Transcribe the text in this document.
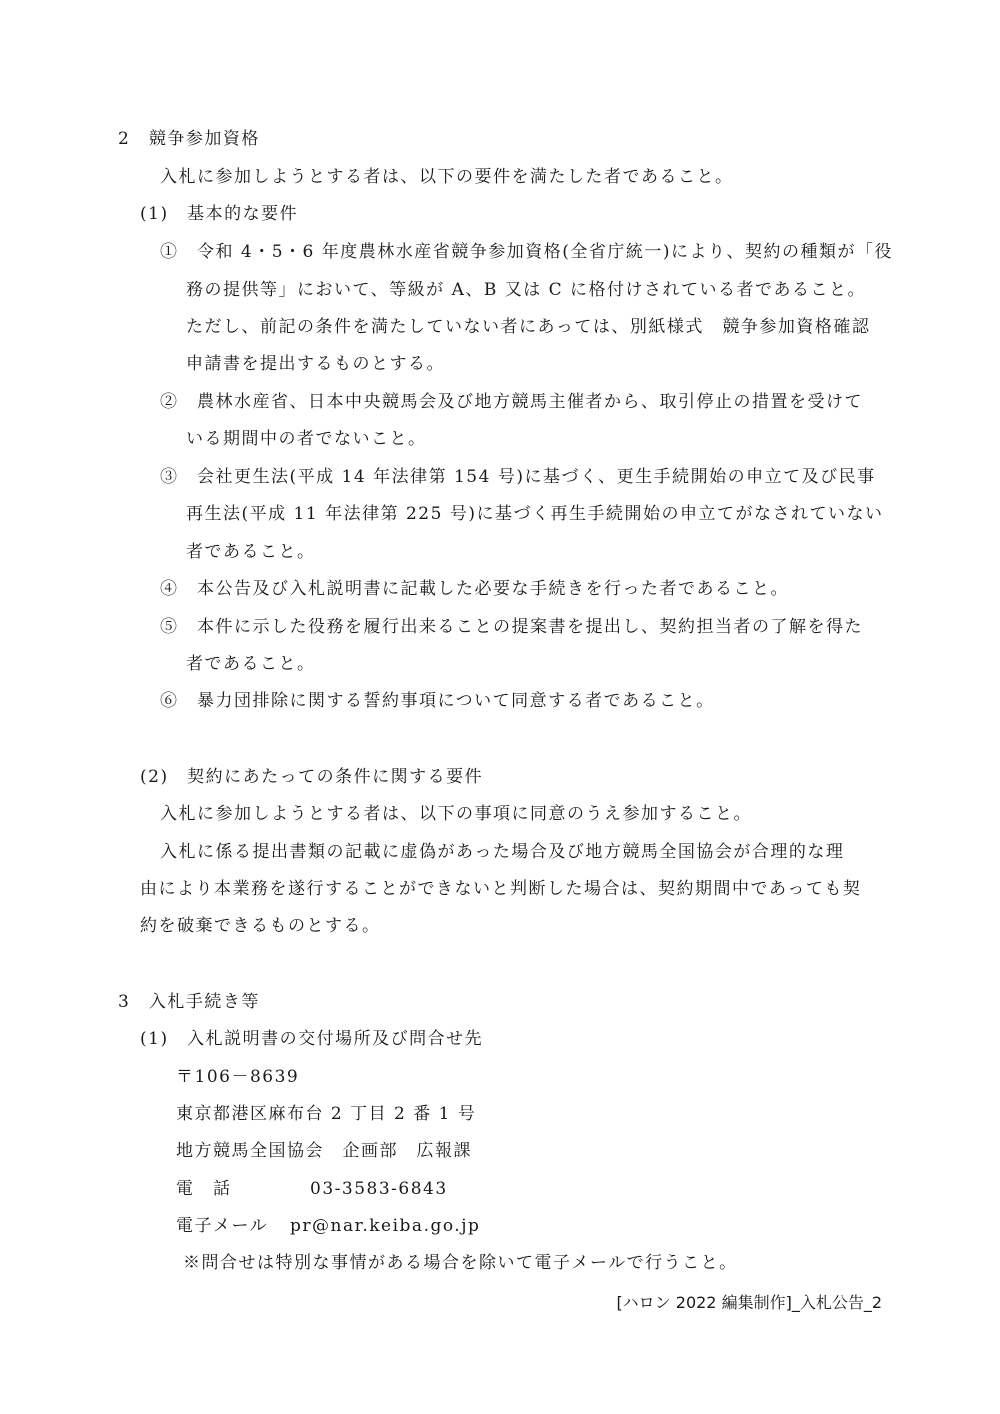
2　競争参加資格
入札に参加しようとする者は、以下の要件を満たした者であること。
(1)　基本的な要件
①　令和 4・5・6 年度農林水産省競争参加資格(全省庁統一)により、契約の種類が「役
務の提供等」において、等級が A、B 又は C に格付けされている者であること。
ただし、前記の条件を満たしていない者にあっては、別紙様式　競争参加資格確認
申請書を提出するものとする。
②　農林水産省、日本中央競馬会及び地方競馬主催者から、取引停止の措置を受けて
いる期間中の者でないこと。
③　会社更生法(平成 14 年法律第 154 号)に基づく、更生手続開始の申立て及び民事
再生法(平成 11 年法律第 225 号)に基づく再生手続開始の申立てがなされていない
者であること。
④　本公告及び入札説明書に記載した必要な手続きを行った者であること。
⑤　本件に示した役務を履行出来ることの提案書を提出し、契約担当者の了解を得た
者であること。
⑥　暴力団排除に関する誓約事項について同意する者であること。
(2)　契約にあたっての条件に関する要件
入札に参加しようとする者は、以下の事項に同意のうえ参加すること。
入札に係る提出書類の記載に虚偽があった場合及び地方競馬全国協会が合理的な理
由により本業務を遂行することができないと判断した場合は、契約期間中であっても契
約を破棄できるものとする。
3　入札手続き等
(1)　入札説明書の交付場所及び問合せ先
〒106－8639
東京都港区麻布台 2 丁目 2 番 1 号
地方競馬全国協会　企画部　広報課
電　話	03-3583-6843
電子メール pr@nar.keiba.go.jp
※問合せは特別な事情がある場合を除いて電子メールで行うこと。
[ハロン 2022 編集制作]_入札公告_2
